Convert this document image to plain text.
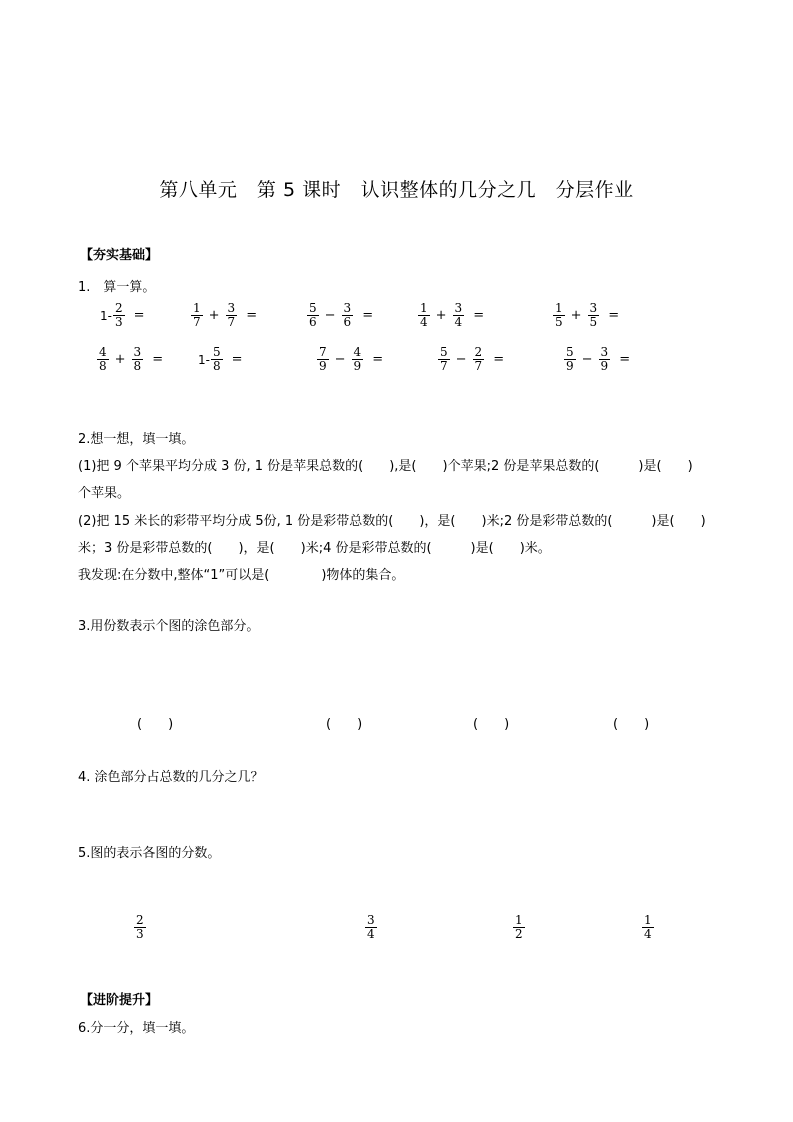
第八单元　第 5 课时　认识整体的几分之几　分层作业
【夯实基础】
1.　算一算。
$1- \frac{2}{3}$ =	$\frac{1}{7} + \frac{3}{7}$ =	$\frac{5}{6} - \frac{3}{6}$ =	$\frac{1}{4} + \frac{3}{4}$ =	$\frac{1}{5} + \frac{3}{5}$ =
$\frac{4}{8} + \frac{3}{8}$ =	$1- \frac{5}{8}$ =	$\frac{7}{9} - \frac{4}{9}$ =	$\frac{5}{7} - \frac{2}{7}$ =	$\frac{5}{9} - \frac{3}{9}$ =
2.想一想，填一填。
(1)把 9 个苹果平均分成 3 份, 1 份是苹果总数的(　　),是(　　)个苹果;2 份是苹果总数的(　　　)是(　　)
个苹果。
(2)把 15 米长的彩带平均分成 5份, 1 份是彩带总数的(　　)，是(　　)米;2 份是彩带总数的(　　　)是(　　)
米；3 份是彩带总数的(　　)，是(　　)米;4 份是彩带总数的(　　　)是(　　)米。
我发现:在分数中,整体“1”可以是(　　　　)物体的集合。
3.用份数表示个图的涂色部分。
(　　)	(　　)	(　　)	(　　)
4. 涂色部分占总数的几分之几？
5.图的表示各图的分数。
$\frac{2}{3}$	$\frac{3}{4}$	$\frac{1}{2}$	$\frac{1}{4}$
【进阶提升】
6.分一分，填一填。
